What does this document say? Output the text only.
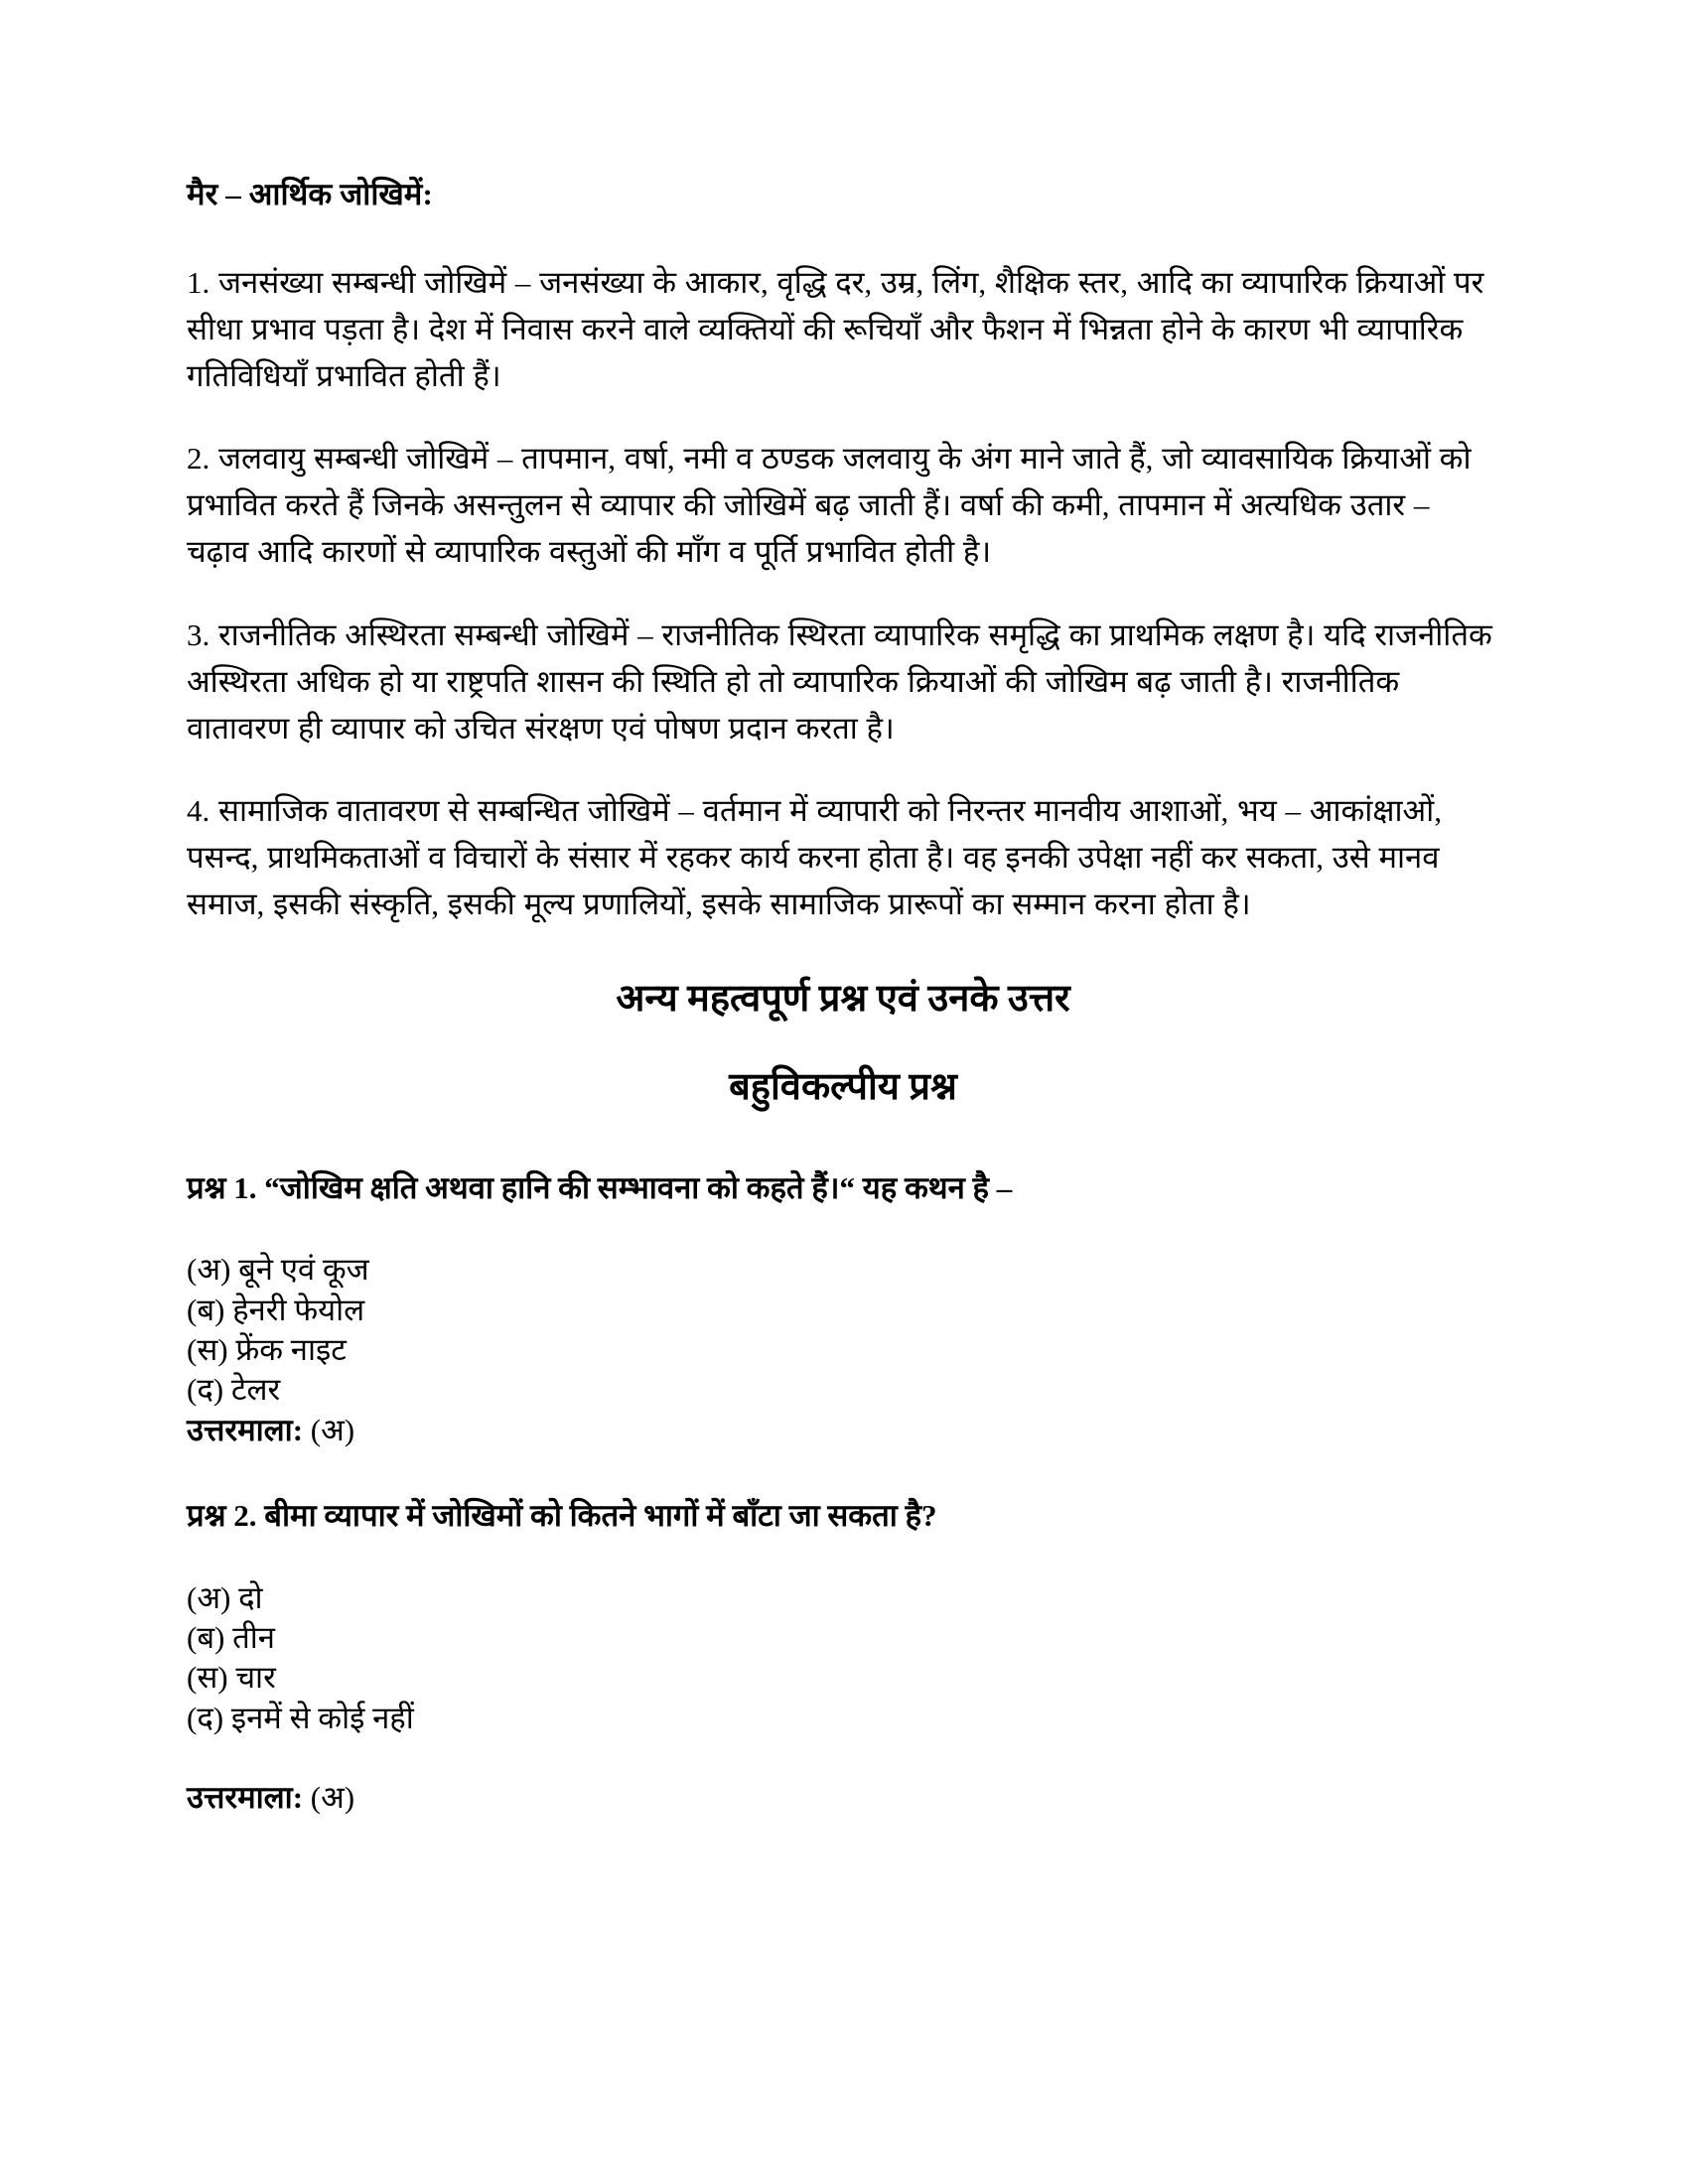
मैर – आर्थिक जोखिमें:

1. जनसंख्या सम्बन्धी जोखिमें – जनसंख्या के आकार, वृद्धि दर, उम्र, लिंग, शैक्षिक स्तर, आदि का व्यापारिक क्रियाओं पर सीधा प्रभाव पड़ता है। देश में निवास करने वाले व्यक्तियों की रूचियाँ और फैशन में भिन्नता होने के कारण भी व्यापारिक गतिविधियाँ प्रभावित होती हैं।

2. जलवायु सम्बन्धी जोखिमें – तापमान, वर्षा, नमी व ठण्डक जलवायु के अंग माने जाते हैं, जो व्यावसायिक क्रियाओं को प्रभावित करते हैं जिनके असन्तुलन से व्यापार की जोखिमें बढ़ जाती हैं। वर्षा की कमी, तापमान में अत्यधिक उतार – चढ़ाव आदि कारणों से व्यापारिक वस्तुओं की माँग व पूर्ति प्रभावित होती है।

3. राजनीतिक अस्थिरता सम्बन्धी जोखिमें – राजनीतिक स्थिरता व्यापारिक समृद्धि का प्राथमिक लक्षण है। यदि राजनीतिक अस्थिरता अधिक हो या राष्ट्रपति शासन की स्थिति हो तो व्यापारिक क्रियाओं की जोखिम बढ़ जाती है। राजनीतिक वातावरण ही व्यापार को उचित संरक्षण एवं पोषण प्रदान करता है।

4. सामाजिक वातावरण से सम्बन्धित जोखिमें – वर्तमान में व्यापारी को निरन्तर मानवीय आशाओं, भय – आकांक्षाओं, पसन्द, प्राथमिकताओं व विचारों के संसार में रहकर कार्य करना होता है। वह इनकी उपेक्षा नहीं कर सकता, उसे मानव समाज, इसकी संस्कृति, इसकी मूल्य प्रणालियों, इसके सामाजिक प्रारूपों का सम्मान करना होता है।

अन्य महत्वपूर्ण प्रश्न एवं उनके उत्तर
बहुविकल्पीय प्रश्न

प्रश्न 1. “जोखिम क्षति अथवा हानि की सम्भावना को कहते हैं।“ यह कथन है –

(अ) बूने एवं कूज
(ब) हेनरी फेयोल
(स) फ्रेंक नाइट
(द) टेलर

उत्तरमाला: (अ)

प्रश्न 2. बीमा व्यापार में जोखिमों को कितने भागों में बाँटा जा सकता है?

(अ) दो
(ब) तीन
(स) चार
(द) इनमें से कोई नहीं

उत्तरमाला: (अ)
